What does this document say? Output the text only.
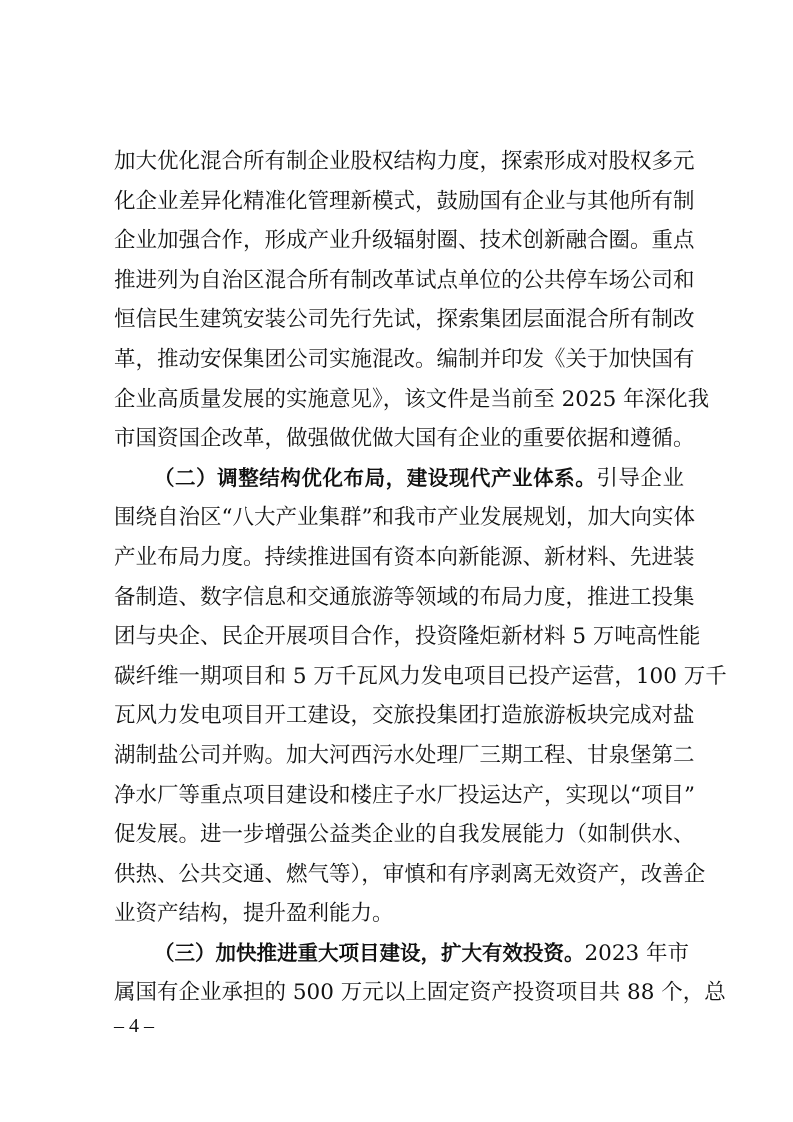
加大优化混合所有制企业股权结构力度，探索形成对股权多元
化企业差异化精准化管理新模式，鼓励国有企业与其他所有制
企业加强合作，形成产业升级辐射圈、技术创新融合圈。重点
推进列为自治区混合所有制改革试点单位的公共停车场公司和
恒信民生建筑安装公司先行先试，探索集团层面混合所有制改
革，推动安保集团公司实施混改。编制并印发《关于加快国有
企业高质量发展的实施意见》，该文件是当前至 2025 年深化我
市国资国企改革，做强做优做大国有企业的重要依据和遵循。
（二）调整结构优化布局，建设现代产业体系。引导企业
围绕自治区“八大产业集群”和我市产业发展规划，加大向实体
产业布局力度。持续推进国有资本向新能源、新材料、先进装
备制造、数字信息和交通旅游等领域的布局力度，推进工投集
团与央企、民企开展项目合作，投资隆炬新材料 5 万吨高性能
碳纤维一期项目和 5 万千瓦风力发电项目已投产运营，100 万千
瓦风力发电项目开工建设，交旅投集团打造旅游板块完成对盐
湖制盐公司并购。加大河西污水处理厂三期工程、甘泉堡第二
净水厂等重点项目建设和楼庄子水厂投运达产，实现以“项目”
促发展。进一步增强公益类企业的自我发展能力（如制供水、
供热、公共交通、燃气等），审慎和有序剥离无效资产，改善企
业资产结构，提升盈利能力。
（三）加快推进重大项目建设，扩大有效投资。2023 年市
属国有企业承担的 500 万元以上固定资产投资项目共 88 个，总
– 4 –
